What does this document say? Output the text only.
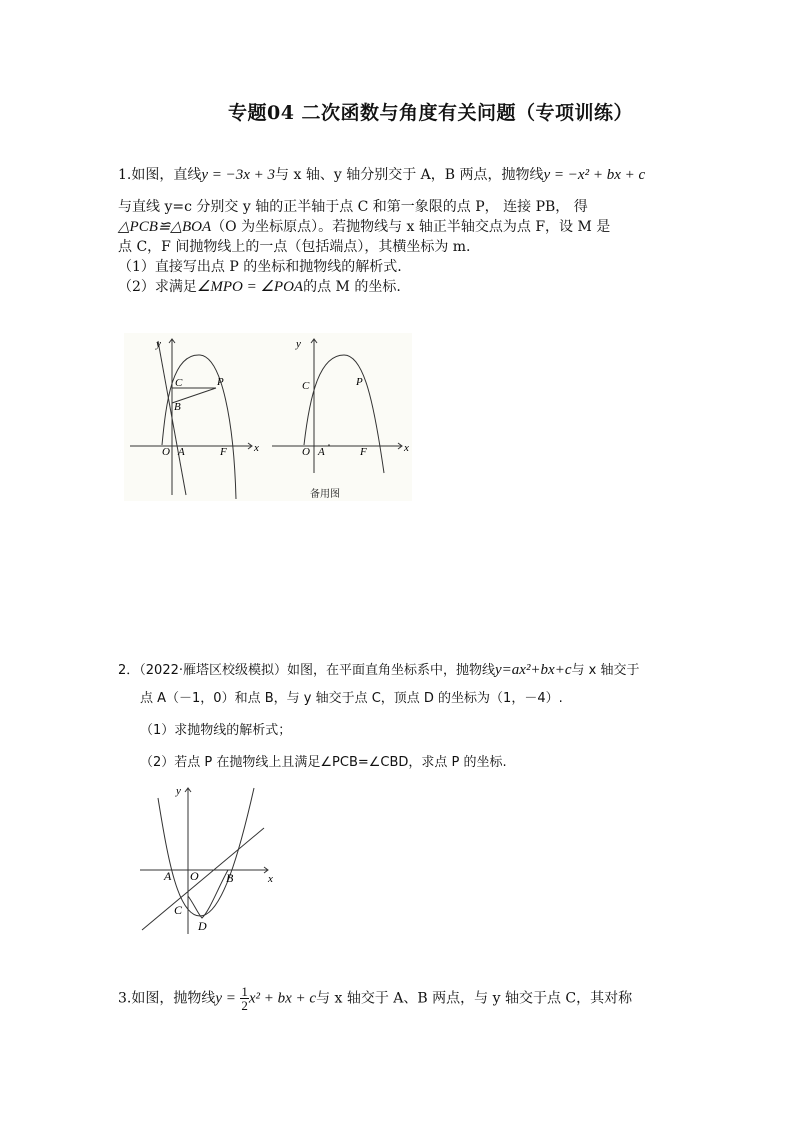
专题04 二次函数与角度有关问题（专项训练）
1.如图，直线y = −3x + 3与 x 轴、y 轴分别交于 A，B 两点，抛物线y = −x² + bx + c
与直线 y=c 分别交 y 轴的正半轴于点 C 和第一象限的点 P， 连接 PB， 得
△PCB≌△BOA（O 为坐标原点）。若抛物线与 x 轴正半轴交点为点 F，设 M 是
点 C，F 间抛物线上的一点（包括端点），其横坐标为 m.
（1）直接写出点 P 的坐标和抛物线的解析式.
（2）求满足∠MPO = ∠POA的点 M 的坐标.
y
x
O A
C
B
P
F
y
x
O A
C	P
F
备用图
2．（2022·雁塔区校级模拟）如图，在平面直角坐标系中，抛物线y=ax²+bx+c与 x 轴交于
点 A（－1，0）和点 B，与 y 轴交于点 C，顶点 D 的坐标为（1，－4）.
（1）求抛物线的解析式；
（2）若点 P 在抛物线上且满足∠PCB=∠CBD，求点 P 的坐标.
y
x
A O B
C
D
3.如图，抛物线$y = \frac{1}{2} x^2$ + bx + c与 x 轴交于 A、B 两点，与 y 轴交于点 C，其对称
